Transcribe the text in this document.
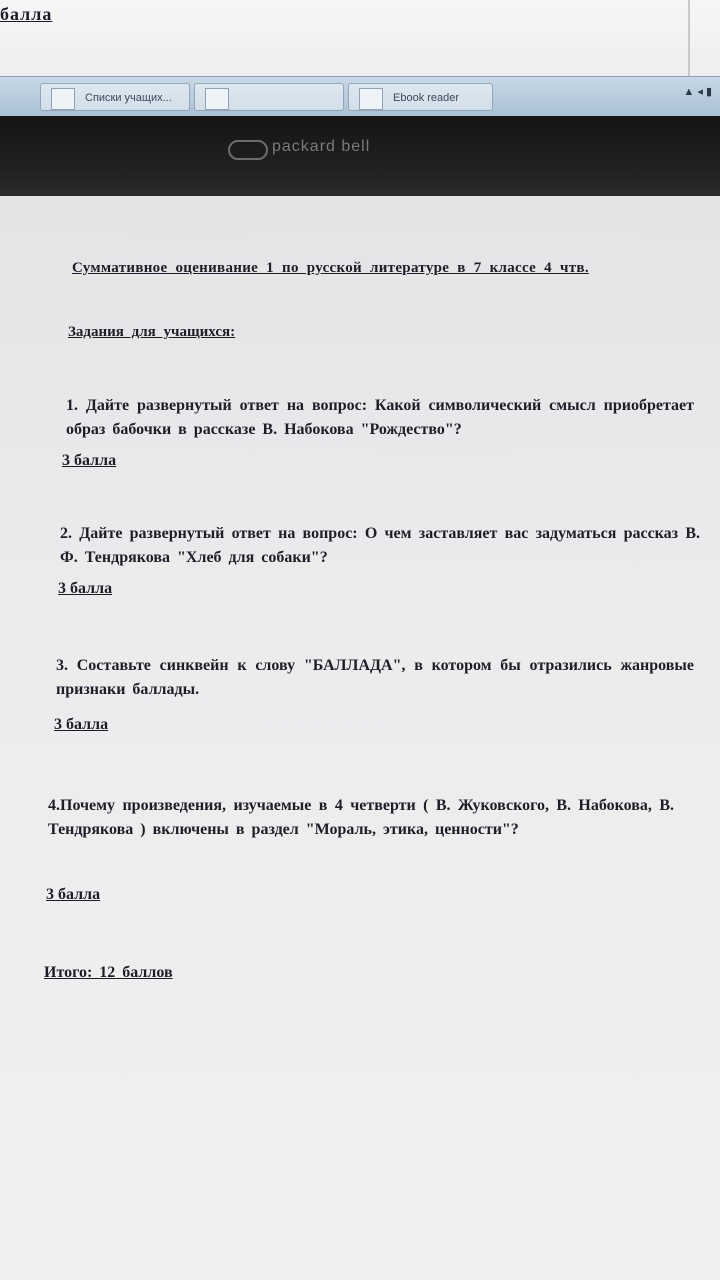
балла
Списки учащих...	Ebook reader	▲ ◂ ▮
packard bell
Суммативное оценивание 1 по русской литературе в 7 классе 4 чтв.
Задания для учащихся:
1. Дайте развернутый ответ на вопрос: Какой символический смысл приобретает образ бабочки в рассказе В. Набокова "Рождество"?
3 балла
2. Дайте развернутый ответ на вопрос: О чем заставляет вас задуматься рассказ В. Ф. Тендрякова "Хлеб для собаки"?
3 балла
3. Составьте синквейн к слову "БАЛЛАДА", в котором бы отразились жанровые признаки баллады.
3 балла
4.Почему произведения, изучаемые в 4 четверти ( В. Жуковского, В. Набокова, В. Тендрякова ) включены в раздел "Мораль, этика, ценности"?
3 балла
Итого: 12 баллов
